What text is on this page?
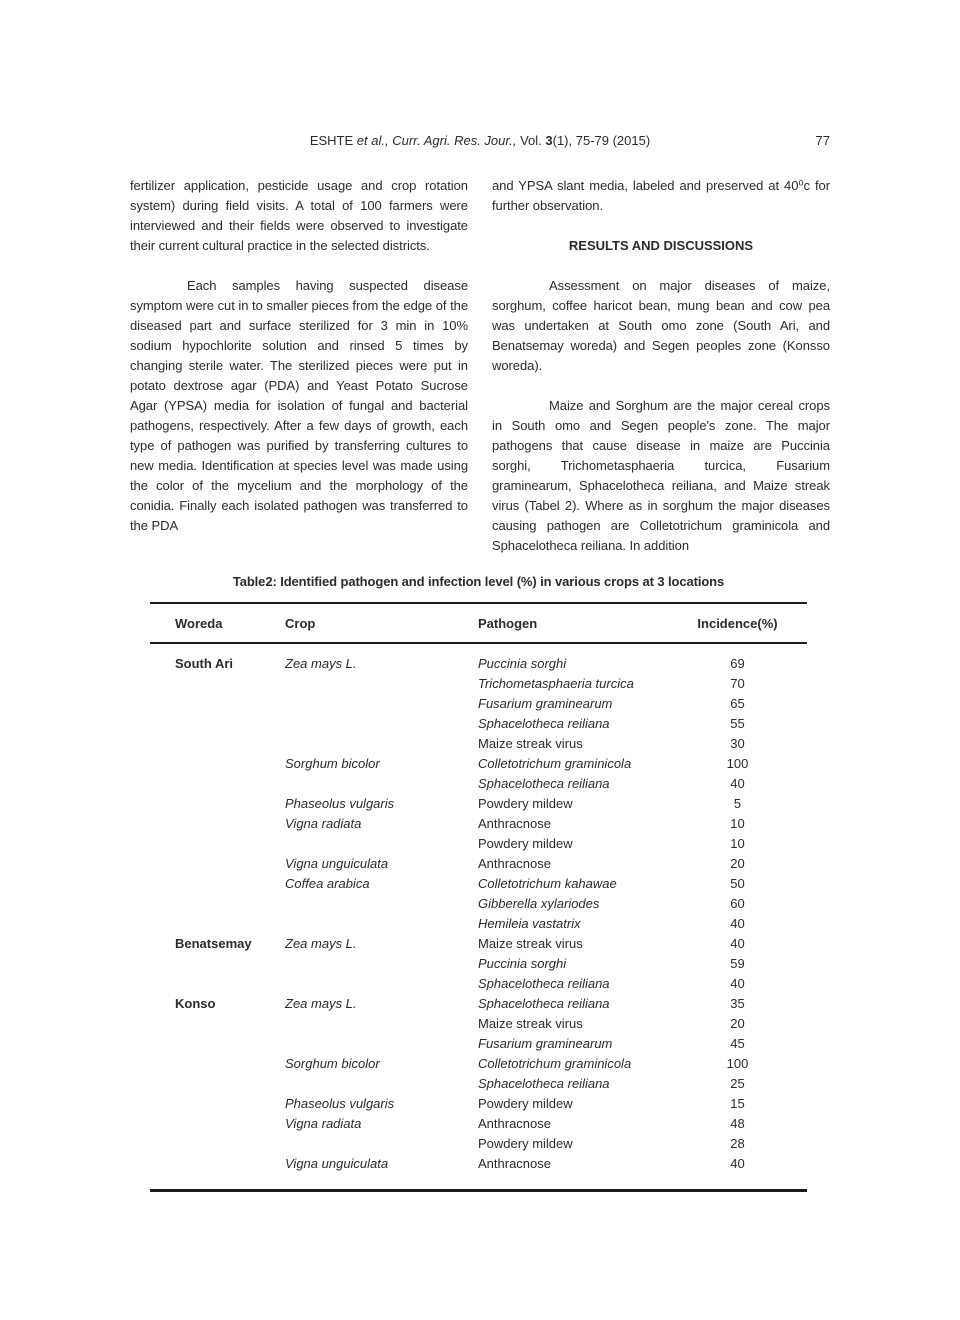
ESHTE et al., Curr. Agri. Res. Jour., Vol. 3(1), 75-79 (2015)	77

fertilizer application, pesticide usage and crop rotation system) during field visits. A total of 100 farmers were interviewed and their fields were observed to investigate their current cultural practice in the selected districts.

Each samples having suspected disease symptom were cut in to smaller pieces from the edge of the diseased part and surface sterilized for 3 min in 10% sodium hypochlorite solution and rinsed 5 times by changing sterile water. The sterilized pieces were put in potato dextrose agar (PDA) and Yeast Potato Sucrose Agar (YPSA) media for isolation of fungal and bacterial pathogens, respectively. After a few days of growth, each type of pathogen was purified by transferring cultures to new media. Identification at species level was made using the color of the mycelium and the morphology of the conidia. Finally each isolated pathogen was transferred to the PDA

and YPSA slant media, labeled and preserved at 40⁰c for further observation.

RESULTS AND DISCUSSIONS

Assessment on major diseases of maize, sorghum, coffee haricot bean, mung bean and cow pea was undertaken at South omo zone (South Ari, and Benatsemay woreda) and Segen peoples zone (Konsso woreda).

Maize and Sorghum are the major cereal crops in South omo and Segen people's zone. The major pathogens that cause disease in maize are Puccinia sorghi, Trichometasphaeria turcica, Fusarium graminearum, Sphacelotheca reiliana, and Maize streak virus (Tabel 2). Where as in sorghum the major diseases causing pathogen are Colletotrichum graminicola and Sphacelotheca reiliana. In addition

Table2: Identified pathogen and infection level (%) in various crops at 3 locations
Woreda	Crop	Pathogen	Incidence(%)
South Ari	Zea mays L.	Puccinia sorghi	69
		Trichometasphaeria turcica	70
		Fusarium graminearum	65
		Sphacelotheca reiliana	55
		Maize streak virus	30
	Sorghum bicolor	Colletotrichum graminicola	100
		Sphacelotheca reiliana	40
	Phaseolus vulgaris	Powdery mildew	5
	Vigna radiata	Anthracnose	10
		Powdery mildew	10
	Vigna unguiculata	Anthracnose	20
	Coffea arabica	Colletotrichum kahawae	50
		Gibberella xylariodes	60
		Hemileia vastatrix	40
Benatsemay	Zea mays L.	Maize streak virus	40
		Puccinia sorghi	59
		Sphacelotheca reiliana	40
Konso	Zea mays L.	Sphacelotheca reiliana	35
		Maize streak virus	20
		Fusarium graminearum	45
	Sorghum bicolor	Colletotrichum graminicola	100
		Sphacelotheca reiliana	25
	Phaseolus vulgaris	Powdery mildew	15
	Vigna radiata	Anthracnose	48
		Powdery mildew	28
	Vigna unguiculata	Anthracnose	40
